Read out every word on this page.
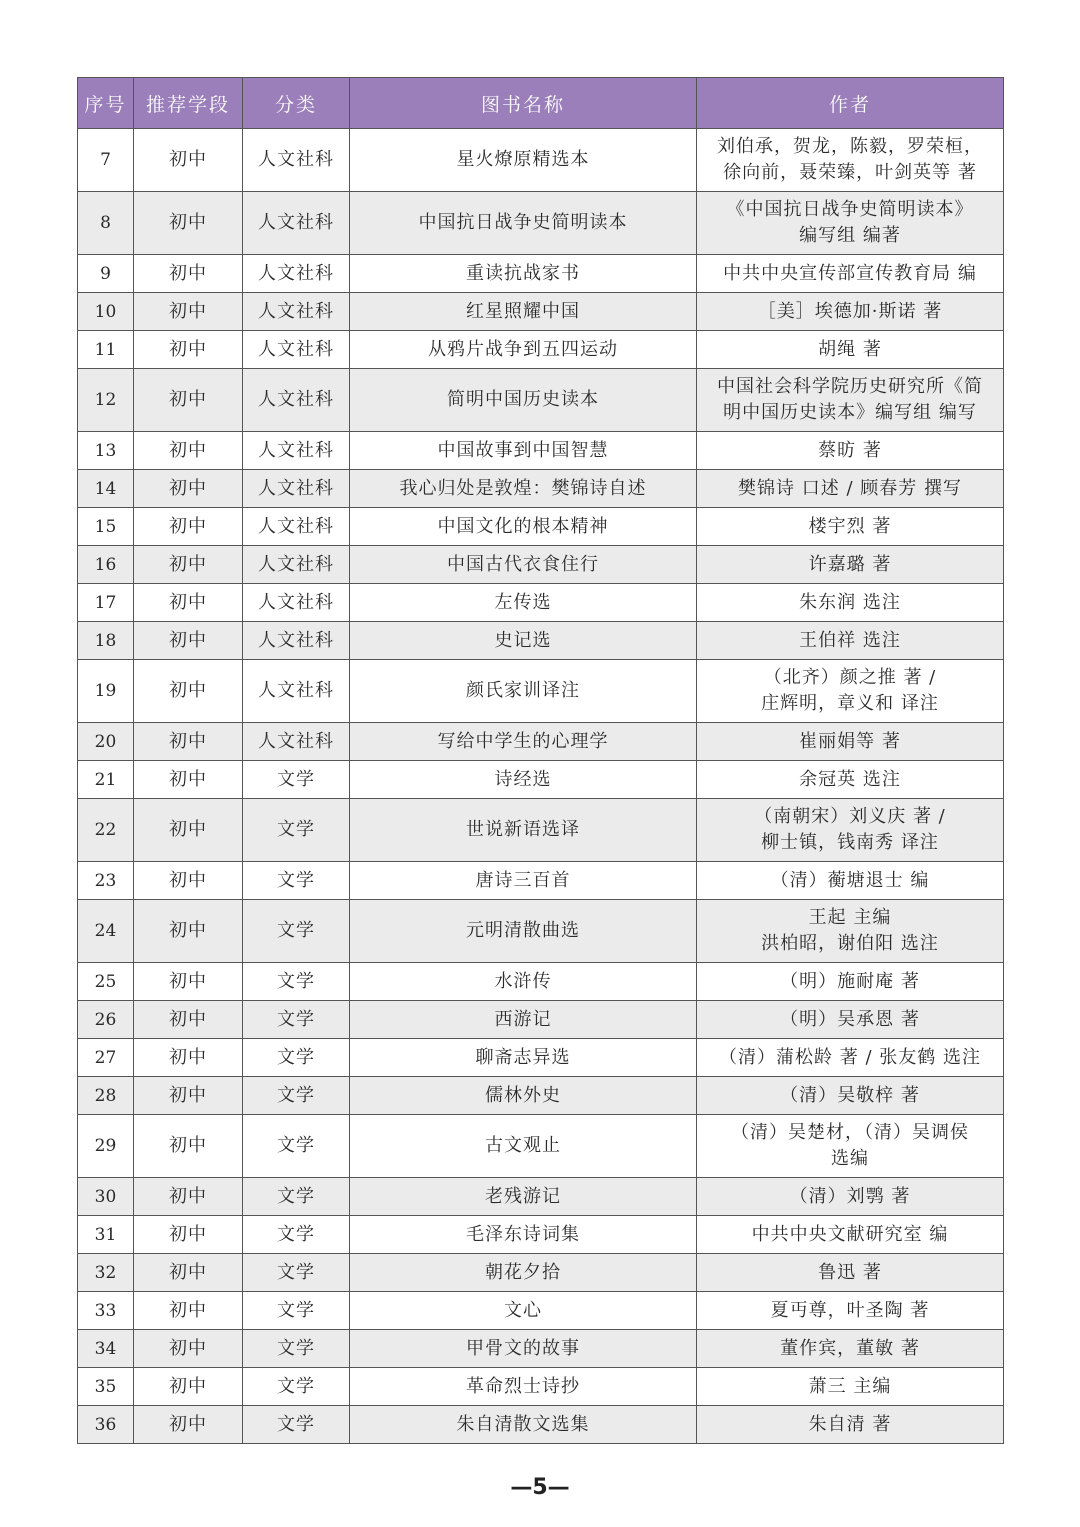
序号	推荐学段	分类	图书名称	作者
7	初中	人文社科	星火燎原精选本	刘伯承，贺龙，陈毅，罗荣桓，
徐向前，聂荣臻，叶剑英等 著

8	初中	人文社科	中国抗日战争史简明读本	《中国抗日战争史简明读本》
编写组 编著

9	初中	人文社科	重读抗战家书	中共中央宣传部宣传教育局 编

10	初中	人文社科	红星照耀中国	［美］埃德加·斯诺 著

11	初中	人文社科	从鸦片战争到五四运动	胡绳 著

12	初中	人文社科	简明中国历史读本	中国社会科学院历史研究所《简
明中国历史读本》编写组 编写

13	初中	人文社科	中国故事到中国智慧	蔡昉 著

14	初中	人文社科	我心归处是敦煌：樊锦诗自述	樊锦诗 口述 / 顾春芳 撰写

15	初中	人文社科	中国文化的根本精神	楼宇烈 著

16	初中	人文社科	中国古代衣食住行	许嘉璐 著

17	初中	人文社科	左传选	朱东润 选注

18	初中	人文社科	史记选	王伯祥 选注

19	初中	人文社科	颜氏家训译注	（北齐）颜之推 著 /
庄辉明，章义和 译注

20	初中	人文社科	写给中学生的心理学	崔丽娟等 著

21	初中	文学	诗经选	余冠英 选注

22	初中	文学	世说新语选译	（南朝宋）刘义庆 著 /
柳士镇，钱南秀 译注

23	初中	文学	唐诗三百首	（清）蘅塘退士 编

24	初中	文学	元明清散曲选	王起 主编
洪柏昭，谢伯阳 选注

25	初中	文学	水浒传	（明）施耐庵 著

26	初中	文学	西游记	（明）吴承恩 著

27	初中	文学	聊斋志异选	（清）蒲松龄 著 / 张友鹤 选注

28	初中	文学	儒林外史	（清）吴敬梓 著

29	初中	文学	古文观止	（清）吴楚材，（清）吴调侯
选编

30	初中	文学	老残游记	（清）刘鹗 著

31	初中	文学	毛泽东诗词集	中共中央文献研究室 编

32	初中	文学	朝花夕拾	鲁迅 著

33	初中	文学	文心	夏丏尊，叶圣陶 著

34	初中	文学	甲骨文的故事	董作宾，董敏 著

35	初中	文学	革命烈士诗抄	萧三 主编

36	初中	文学	朱自清散文选集	朱自清 著
—5—
